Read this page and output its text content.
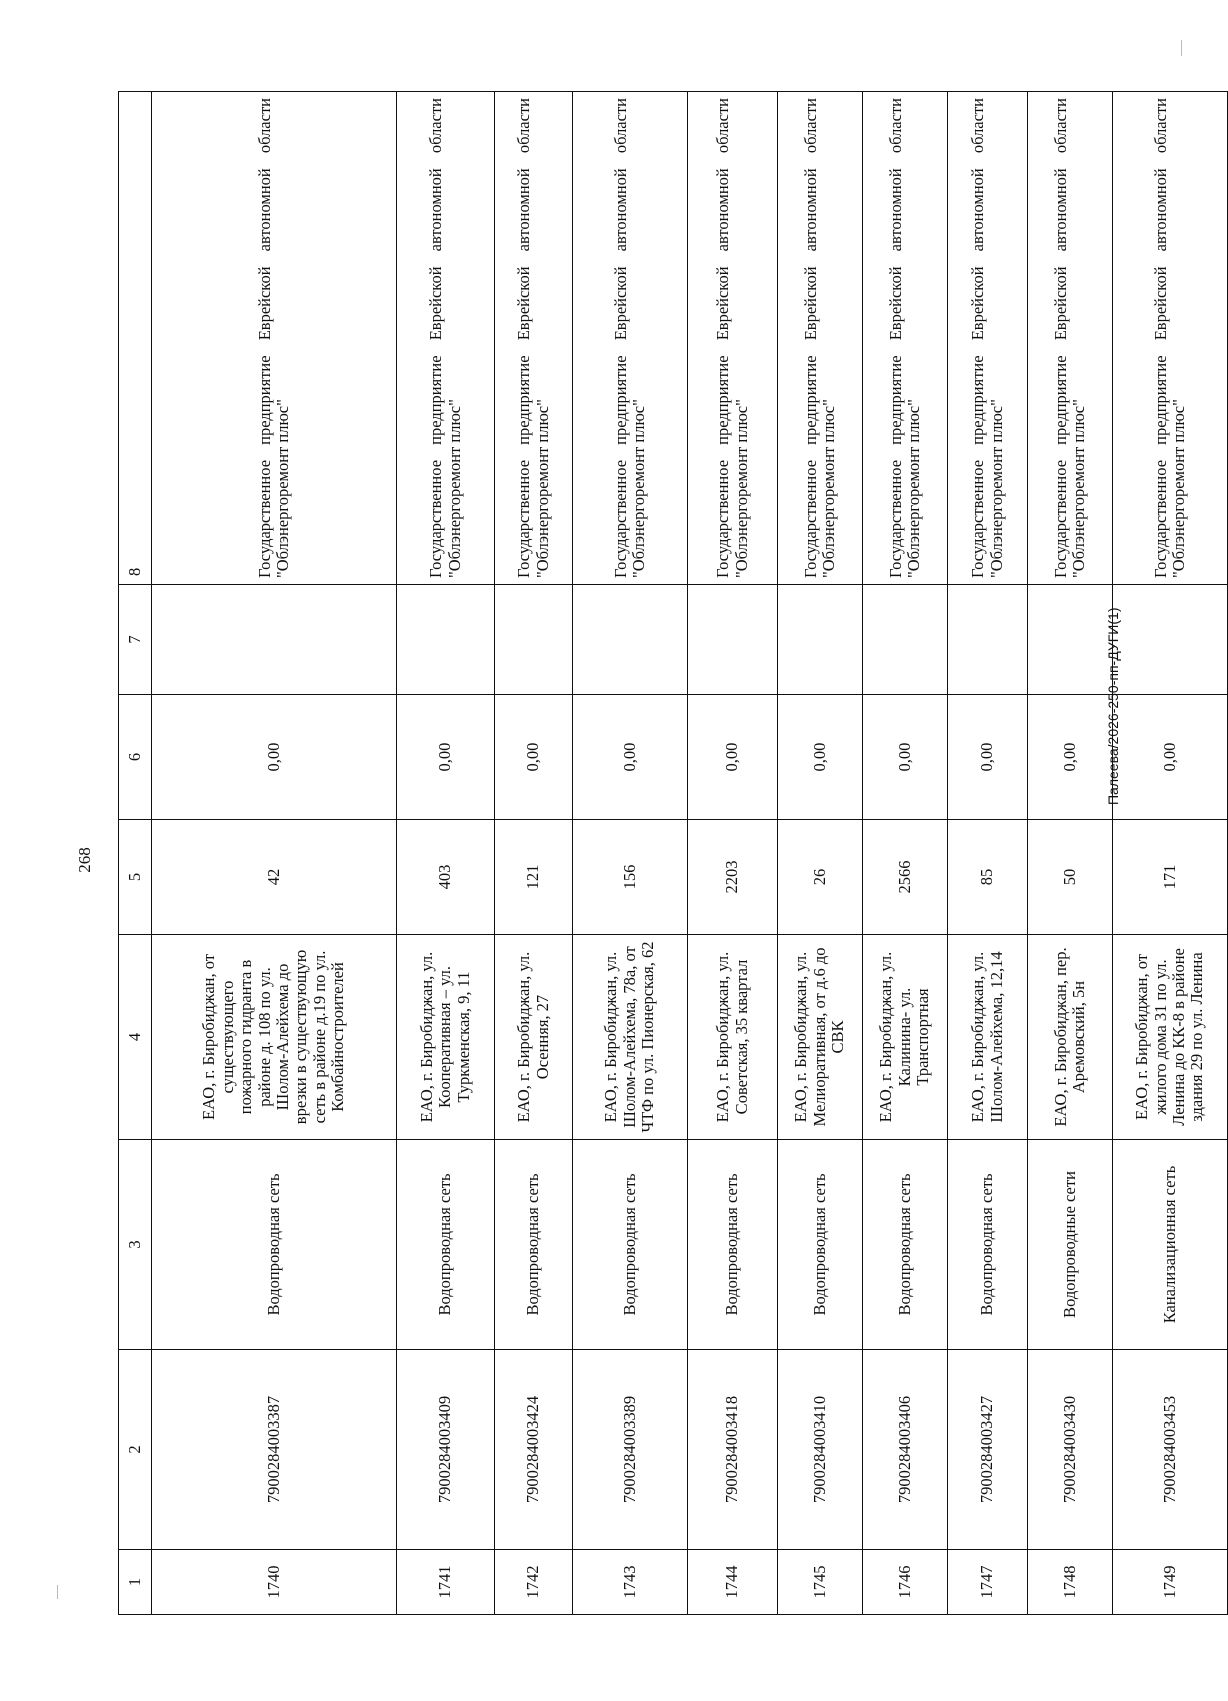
268
Палеева/2026-250-пп-ДУГИ(1)
1	2	3	4	5	6	7	8
1740	7900284003387	Водопроводная сеть	ЕАО, г. Биробиджан, от существующего пожарного гидранта в районе д. 108 по ул. Шолом-Алейхема до врезки в существующую сеть в районе д.19 по ул. Комбайностроителей	42	0,00		Государственное предприятие Еврейской автономной области "Облэнергоремонт плюс"
1741	7900284003409	Водопроводная сеть	ЕАО, г. Биробиджан, ул. Кооперативная – ул. Туркменская, 9, 11	403	0,00		Государственное предприятие Еврейской автономной области "Облэнергоремонт плюс"
1742	7900284003424	Водопроводная сеть	ЕАО, г. Биробиджан, ул. Осенняя, 27	121	0,00		Государственное предприятие Еврейской автономной области "Облэнергоремонт плюс"
1743	7900284003389	Водопроводная сеть	ЕАО, г. Биробиджан, ул. Шолом-Алейхема, 78а, от ЧТФ по ул. Пионерская, 62	156	0,00		Государственное предприятие Еврейской автономной области "Облэнергоремонт плюс"
1744	7900284003418	Водопроводная сеть	ЕАО, г. Биробиджан, ул. Советская, 35 квартал	2203	0,00		Государственное предприятие Еврейской автономной области "Облэнергоремонт плюс"
1745	7900284003410	Водопроводная сеть	ЕАО, г. Биробиджан, ул. Мелиоративная, от д.6 до СВК	26	0,00		Государственное предприятие Еврейской автономной области "Облэнергоремонт плюс"
1746	7900284003406	Водопроводная сеть	ЕАО, г. Биробиджан, ул. Калинина- ул. Транспортная	2566	0,00		Государственное предприятие Еврейской автономной области "Облэнергоремонт плюс"
1747	7900284003427	Водопроводная сеть	ЕАО, г. Биробиджан, ул. Шолом-Алейхема, 12,14	85	0,00		Государственное предприятие Еврейской автономной области "Облэнергоремонт плюс"
1748	7900284003430	Водопроводные сети	ЕАО, г. Биробиджан, пер. Аремовский, 5н	50	0,00		Государственное предприятие Еврейской автономной области "Облэнергоремонт плюс"
1749	7900284003453	Канализационная сеть	ЕАО, г. Биробиджан, от жилого дома 31 по ул. Ленина до КК-8 в районе здания 29 по ул. Ленина	171	0,00		Государственное предприятие Еврейской автономной области "Облэнергоремонт плюс"
